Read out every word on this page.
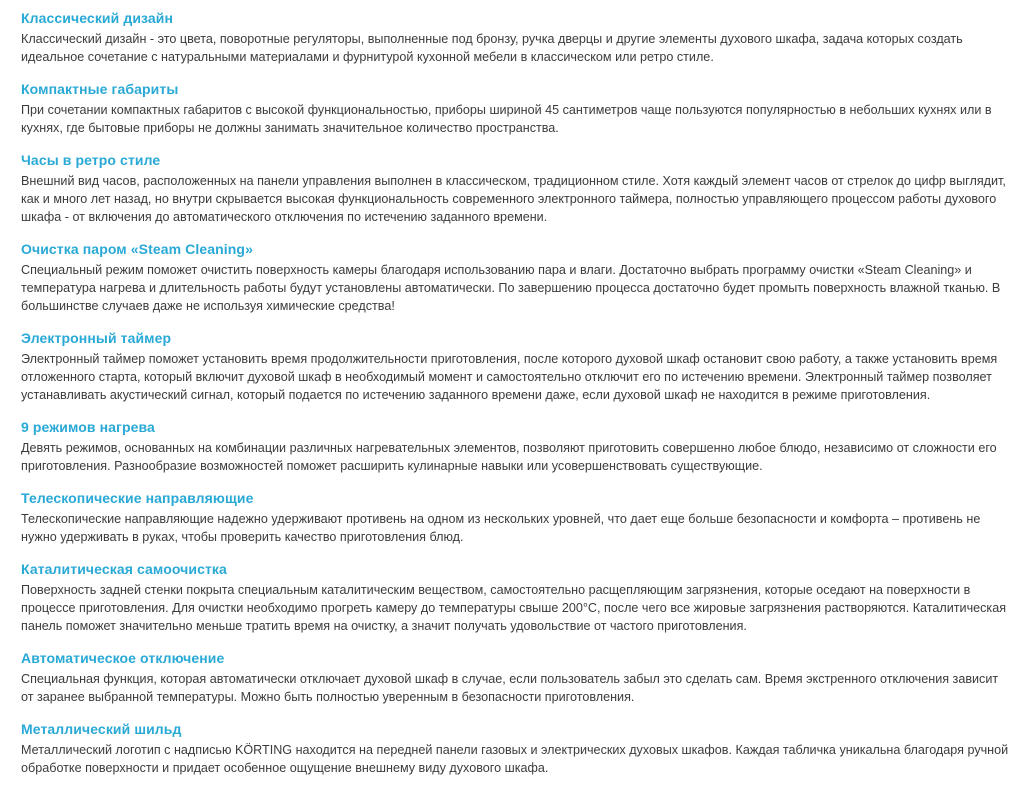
Классический дизайн

Классический дизайн - это цвета, поворотные регуляторы, выполненные под бронзу, ручка дверцы и другие элементы духового шкафа, задача которых создать идеальное сочетание с натуральными материалами и фурнитурой кухонной мебели в классическом или ретро стиле.

Компактные габариты

При сочетании компактных габаритов с высокой функциональностью, приборы шириной 45 сантиметров чаще пользуются популярностью в небольших кухнях или в кухнях, где бытовые приборы не должны занимать значительное количество пространства.

Часы в ретро стиле

Внешний вид часов, расположенных на панели управления выполнен в классическом, традиционном стиле. Хотя каждый элемент часов от стрелок до цифр выглядит, как и много лет назад, но внутри скрывается высокая функциональность современного электронного таймера, полностью управляющего процессом работы духового шкафа - от включения до автоматического отключения по истечению заданного времени.

Очистка паром «Steam Cleaning»

Специальный режим поможет очистить поверхность камеры благодаря использованию пара и влаги. Достаточно выбрать программу очистки «Steam Cleaning» и температура нагрева и длительность работы будут установлены автоматически. По завершению процесса достаточно будет промыть поверхность влажной тканью. В большинстве случаев даже не используя химические средства!

Электронный таймер

Электронный таймер поможет установить время продолжительности приготовления, после которого духовой шкаф остановит свою работу, а также установить время отложенного старта, который включит духовой шкаф в необходимый момент и самостоятельно отключит его по истечению времени. Электронный таймер позволяет устанавливать акустический сигнал, который подается по истечению заданного времени даже, если духовой шкаф не находится в режиме приготовления.

9 режимов нагрева

Девять режимов, основанных на комбинации различных нагревательных элементов, позволяют приготовить совершенно любое блюдо, независимо от сложности его приготовления. Разнообразие возможностей поможет расширить кулинарные навыки или усовершенствовать существующие.

Телескопические направляющие

Телескопические направляющие надежно удерживают противень на одном из нескольких уровней, что дает еще больше безопасности и комфорта – противень не нужно удерживать в руках, чтобы проверить качество приготовления блюд.

Каталитическая самоочистка

Поверхность задней стенки покрыта специальным каталитическим веществом, самостоятельно расщепляющим загрязнения, которые оседают на поверхности в процессе приготовления. Для очистки необходимо прогреть камеру до температуры свыше 200°C, после чего все жировые загрязнения растворяются. Каталитическая панель поможет значительно меньше тратить время на очистку, а значит получать удовольствие от частого приготовления.

Автоматическое отключение

Специальная функция, которая автоматически отключает духовой шкаф в случае, если пользователь забыл это сделать сам. Время экстренного отключения зависит от заранее выбранной температуры. Можно быть полностью уверенным в безопасности приготовления.

Металлический шильд

Металлический логотип с надписью KÖRTING находится на передней панели газовых и электрических духовых шкафов. Каждая табличка уникальна благодаря ручной обработке поверхности и придает особенное ощущение внешнему виду духового шкафа.
